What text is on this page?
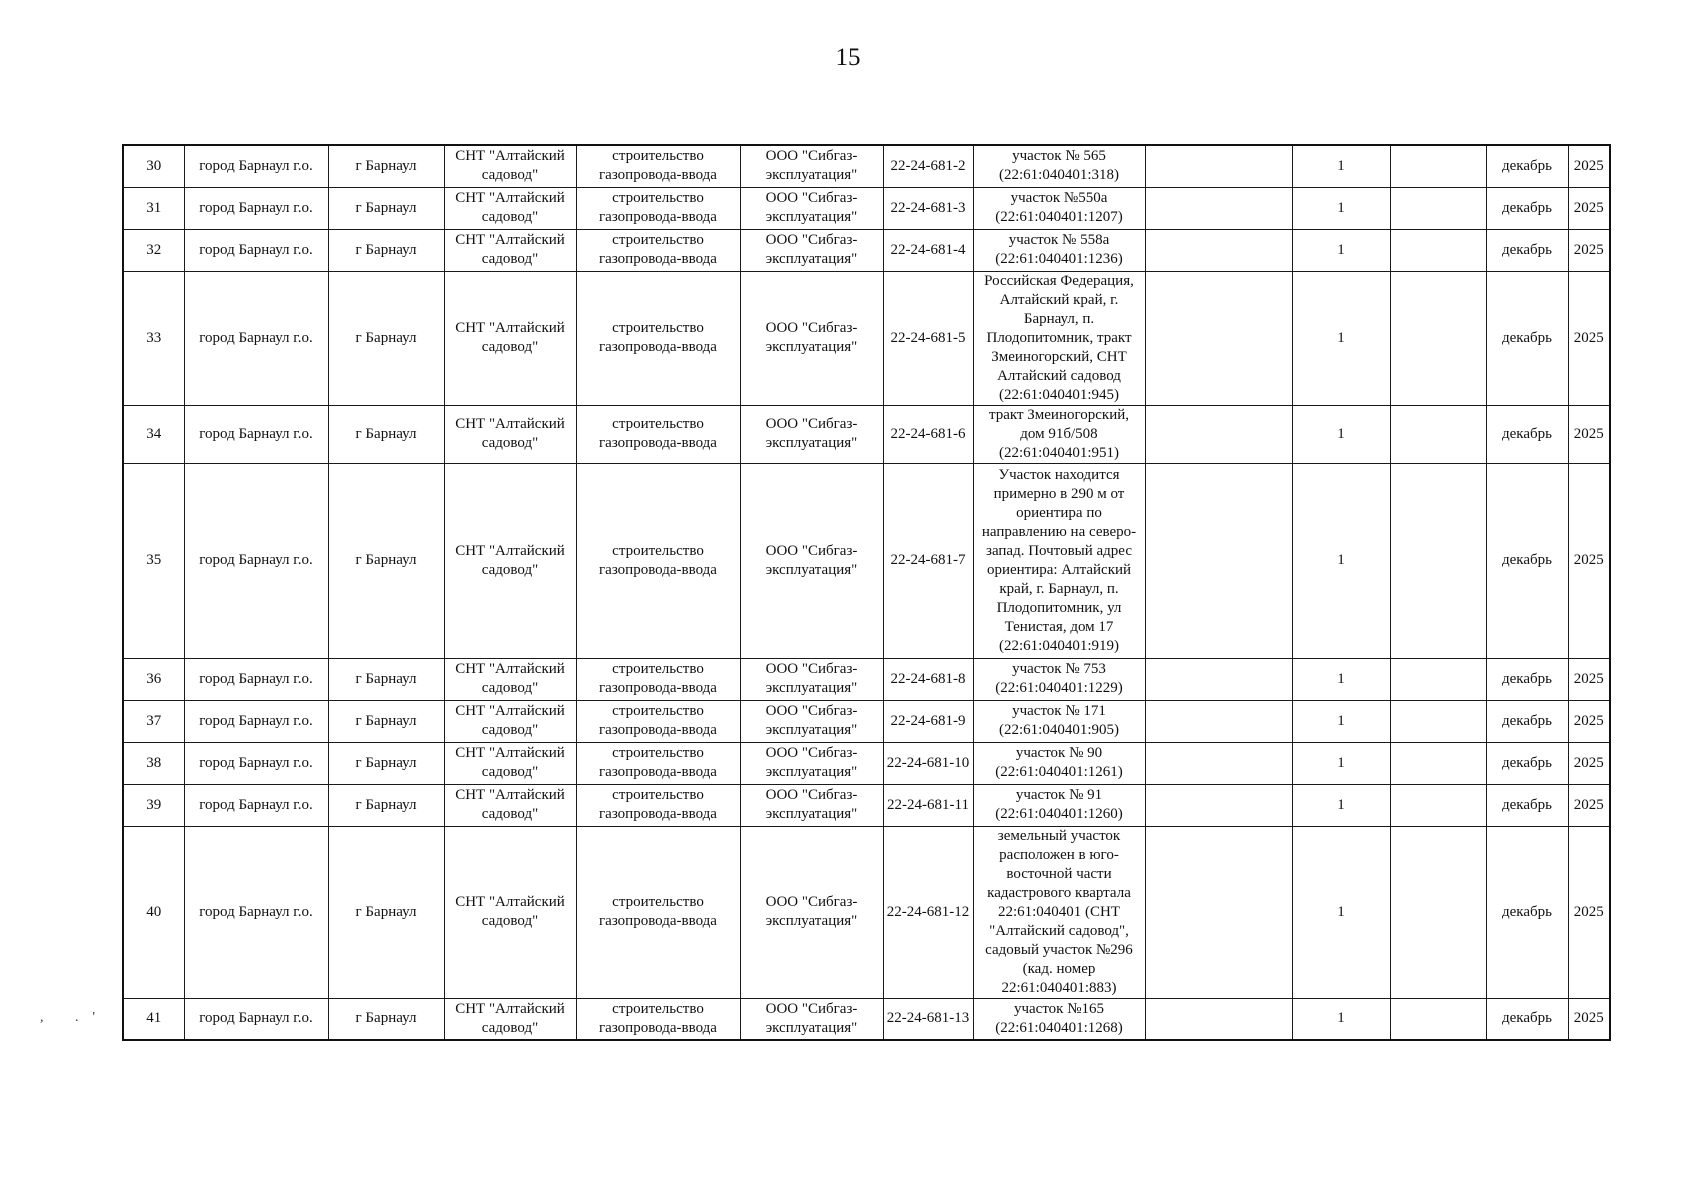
15
, .'
30	город Барнаул г.о.	г Барнаул	СНТ "Алтайский садовод"	строительство газопровода-ввода	ООО "Сибгаз-эксплуатация"	22-24-681-2	участок № 565 (22:61:040401:318)		1		декабрь	2025
31	город Барнаул г.о.	г Барнаул	СНТ "Алтайский садовод"	строительство газопровода-ввода	ООО "Сибгаз-эксплуатация"	22-24-681-3	участок №550а (22:61:040401:1207)		1		декабрь	2025
32	город Барнаул г.о.	г Барнаул	СНТ "Алтайский садовод"	строительство газопровода-ввода	ООО "Сибгаз-эксплуатация"	22-24-681-4	участок № 558а (22:61:040401:1236)		1		декабрь	2025
33	город Барнаул г.о.	г Барнаул	СНТ "Алтайский садовод"	строительство газопровода-ввода	ООО "Сибгаз-эксплуатация"	22-24-681-5	Российская Федерация, Алтайский край, г. Барнаул, п. Плодопитомник, тракт Змеиногорский, СНТ Алтайский садовод (22:61:040401:945)		1		декабрь	2025
34	город Барнаул г.о.	г Барнаул	СНТ "Алтайский садовод"	строительство газопровода-ввода	ООО "Сибгаз-эксплуатация"	22-24-681-6	тракт Змеиногорский, дом 91б/508 (22:61:040401:951)		1		декабрь	2025
35	город Барнаул г.о.	г Барнаул	СНТ "Алтайский садовод"	строительство газопровода-ввода	ООО "Сибгаз-эксплуатация"	22-24-681-7	Участок находится примерно в 290 м от ориентира по направлению на северо-запад. Почтовый адрес ориентира: Алтайский край, г. Барнаул, п. Плодопитомник, ул Тенистая, дом 17 (22:61:040401:919)		1		декабрь	2025
36	город Барнаул г.о.	г Барнаул	СНТ "Алтайский садовод"	строительство газопровода-ввода	ООО "Сибгаз-эксплуатация"	22-24-681-8	участок № 753 (22:61:040401:1229)		1		декабрь	2025
37	город Барнаул г.о.	г Барнаул	СНТ "Алтайский садовод"	строительство газопровода-ввода	ООО "Сибгаз-эксплуатация"	22-24-681-9	участок № 171 (22:61:040401:905)		1		декабрь	2025
38	город Барнаул г.о.	г Барнаул	СНТ "Алтайский садовод"	строительство газопровода-ввода	ООО "Сибгаз-эксплуатация"	22-24-681-10	участок № 90 (22:61:040401:1261)		1		декабрь	2025
39	город Барнаул г.о.	г Барнаул	СНТ "Алтайский садовод"	строительство газопровода-ввода	ООО "Сибгаз-эксплуатация"	22-24-681-11	участок № 91 (22:61:040401:1260)		1		декабрь	2025
40	город Барнаул г.о.	г Барнаул	СНТ "Алтайский садовод"	строительство газопровода-ввода	ООО "Сибгаз-эксплуатация"	22-24-681-12	земельный участок расположен в юго-восточной части кадастрового квартала 22:61:040401 (СНТ "Алтайский садовод", садовый участок №296 (кад. номер 22:61:040401:883)		1		декабрь	2025
41	город Барнаул г.о.	г Барнаул	СНТ "Алтайский садовод"	строительство газопровода-ввода	ООО "Сибгаз-эксплуатация"	22-24-681-13	участок №165 (22:61:040401:1268)		1		декабрь	2025
